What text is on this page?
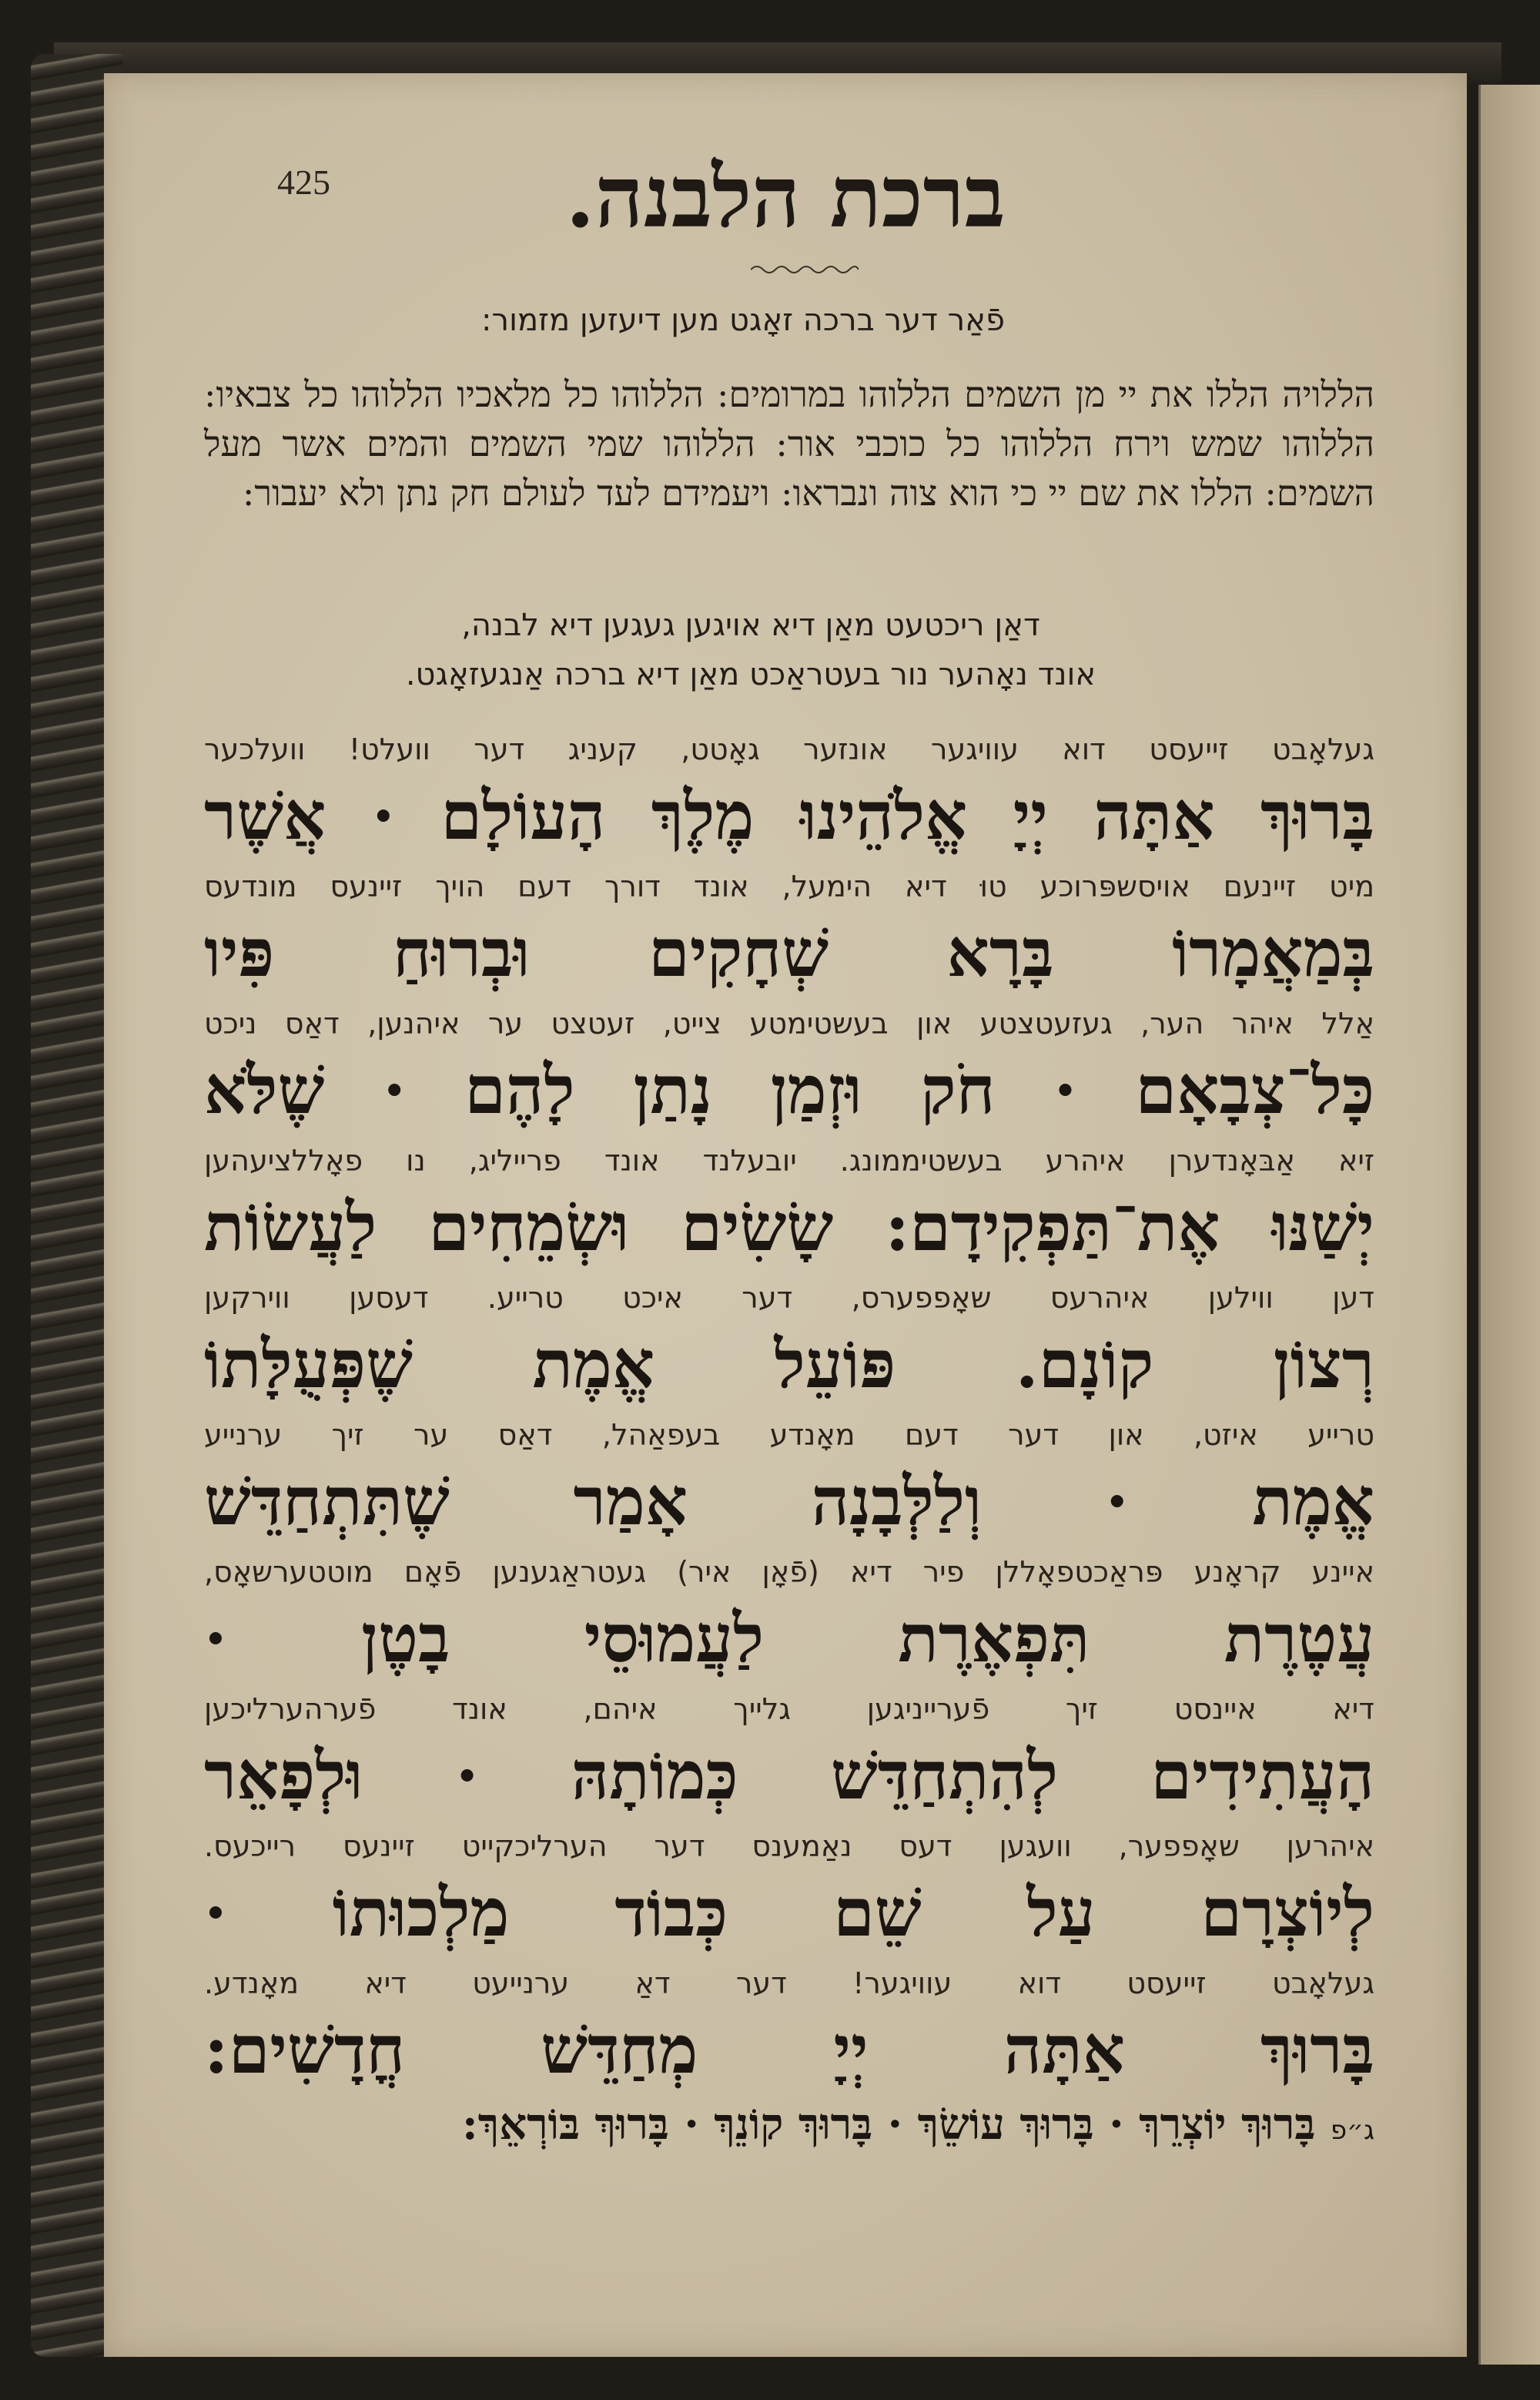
425	ברכת הלבנה.
פֿאַר דער ברכה זאָגט מען דיעזען מזמור:
הללויה הללו את יי מן השמים הללוהו במרומים: הללוהו כל מלאכיו הללוהו כל צבאיו: הללוהו שמש וירח הללוהו כל כוכבי אור: הללוהו שמי השמים והמים אשר מעל השמים: הללו את שם יי כי הוא צוה ונבראו: ויעמידם לעד לעולם חק נתן ולא יעבור:
דאַן ריכטעט מאַן דיא אויגען געגען דיא לבנה,
אונד נאָהער נור בעטראַכט מאַן דיא ברכה אַנגעזאָגט.
געלאָבט זייעסט דוא עוויגער אונזער גאָטט, קעניג דער וועלט! וועלכער
בָּרוּךְ אַתָּה יְיָ אֱלֹהֵינוּ מֶלֶךְ הָעוֹלָם · אֲשֶׁר
מיט זיינעם אויסשפּרוכע טוּ דיא הימעל, אונד דורך דעם הויך זיינעס מונדעס
בְּמַאֲמָרוֹ בָּרָא שְׁחָקִים וּבְרוּחַ פִּיו
אַלל איהר הער, געזעטצטע און בעשטימטע צייט, זעטצט ער איהנען, דאַס ניכט
כָּל־צְבָאָם · חֹק וּזְמַן נָתַן לָהֶם · שֶׁלֹּא
זיא אַבּאָנדערן איהרע בעשטיממונג. יובעלנד אונד פרייליג, נו פאָללציעהען
יְשַׁנּוּ אֶת־תַּפְקִידָם: שָׂשִׂים וּשְׂמֵחִים לַעֲשׂוֹת
דען ווילען איהרעס שאָפפערס, דער איכט טרייע. דעסען ווירקען
רְצוֹן קוֹנָם. פּוֹעֵל אֱמֶת שֶׁפְּעֻלָּתוֹ
טרייע איזט, און דער דעם מאָנדע בעפאַהל, דאַס ער זיך ערנייע
אֱמֶת · וְלַלְּבָנָה אָמַר שֶׁתִּתְחַדֵּשׁ
איינע קראָנע פּראַכטפאָללן פיר דיא (פֿאָן איר) געטראַגענען פֿאָם מוטטערשאָס,
עֲטֶרֶת תִּפְאֶרֶת לַעֲמוּסֵי בָטֶן ·
דיא איינסט זיך פֿערייניגען גלייך איהם, אונד פֿערהערליכען
הָעֲתִידִים לְהִתְחַדֵּשׁ כְּמוֹתָהּ · וּלְפָאֵר
איהרען שאָפפער, וועגען דעס נאַמענס דער הערליכקייט זיינעס רייכעס.
לְיוֹצְרָם עַל שֵׁם כְּבוֹד מַלְכוּתוֹ ·
געלאָבט זייעסט דוא עוויגער! דער דאַ ערנייעט דיא מאָנדע.
בָּרוּךְ אַתָּה יְיָ מְחַדֵּשׁ חֳדָשִׁים:
ג״פ בָּרוּךְ יוֹצְרֵךְ · בָּרוּךְ עוֹשֵׂךְ · בָּרוּךְ קוֹנֵךְ · בָּרוּךְ בּוֹרְאֵךְ:
